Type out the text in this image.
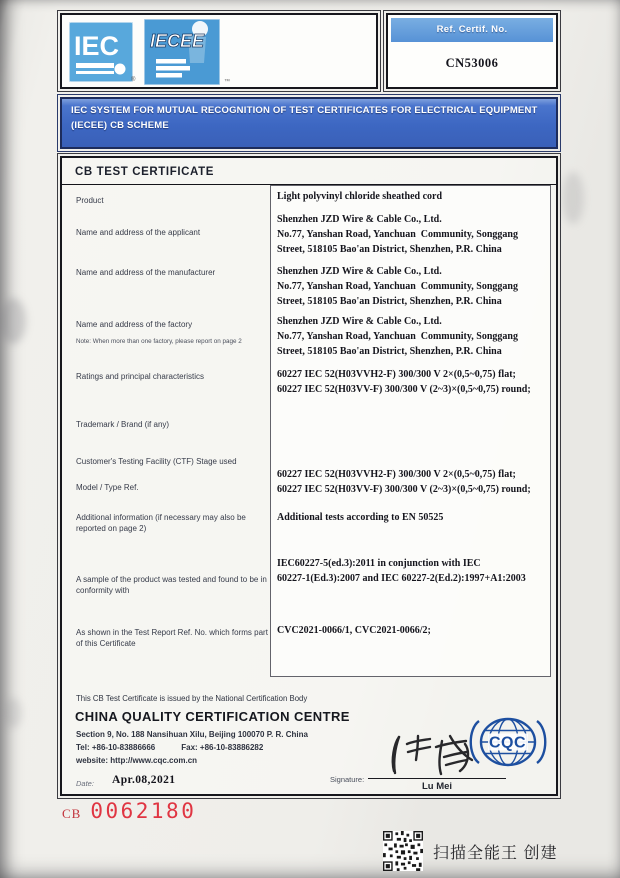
IEC
®
IECEE
™
Ref. Certif. No.
CN53006
IEC SYSTEM FOR MUTUAL RECOGNITION OF TEST CERTIFICATES FOR ELECTRICAL EQUIPMENT
(IECEE) CB SCHEME
CB TEST CERTIFICATE
Product
Name and address of the applicant
Name and address of the manufacturer
Name and address of the factory
Note: When more than one factory, please report on page 2
Ratings and principal characteristics
Trademark / Brand (if any)
Customer's Testing Facility (CTF) Stage used
Model / Type Ref.
Additional information (if necessary may also be reported on page 2)
A sample of the product was tested and found to be in conformity with
As shown in the Test Report Ref. No. which forms part of this Certificate
Light polyvinyl chloride sheathed cord
Shenzhen JZD Wire & Cable Co., Ltd.
No.77, Yanshan Road, Yanchuan  Community, Songgang
Street, 518105 Bao'an District, Shenzhen, P.R. China
Shenzhen JZD Wire & Cable Co., Ltd.
No.77, Yanshan Road, Yanchuan  Community, Songgang
Street, 518105 Bao'an District, Shenzhen, P.R. China
Shenzhen JZD Wire & Cable Co., Ltd.
No.77, Yanshan Road, Yanchuan  Community, Songgang
Street, 518105 Bao'an District, Shenzhen, P.R. China
60227 IEC 52(H03VVH2-F) 300/300 V 2×(0,5~0,75) flat;
60227 IEC 52(H03VV-F) 300/300 V (2~3)×(0,5~0,75) round;
60227 IEC 52(H03VVH2-F) 300/300 V 2×(0,5~0,75) flat;
60227 IEC 52(H03VV-F) 300/300 V (2~3)×(0,5~0,75) round;
Additional tests according to EN 50525
IEC60227-5(ed.3):2011 in conjunction with IEC
60227-1(Ed.3):2007 and IEC 60227-2(Ed.2):1997+A1:2003
CVC2021-0066/1, CVC2021-0066/2;
This CB Test Certificate is issued by the National Certification Body
CHINA QUALITY CERTIFICATION CENTRE
Section 9, No. 188 Nansihuan Xilu, Beijing 100070 P. R. China
Tel: +86-10-83886666	Fax: +86-10-83886282
website: http://www.cqc.com.cn
Date: Apr.08,2021	Signature:
Lu Mei
CQC
CB 0062180
扫描全能王 创建
